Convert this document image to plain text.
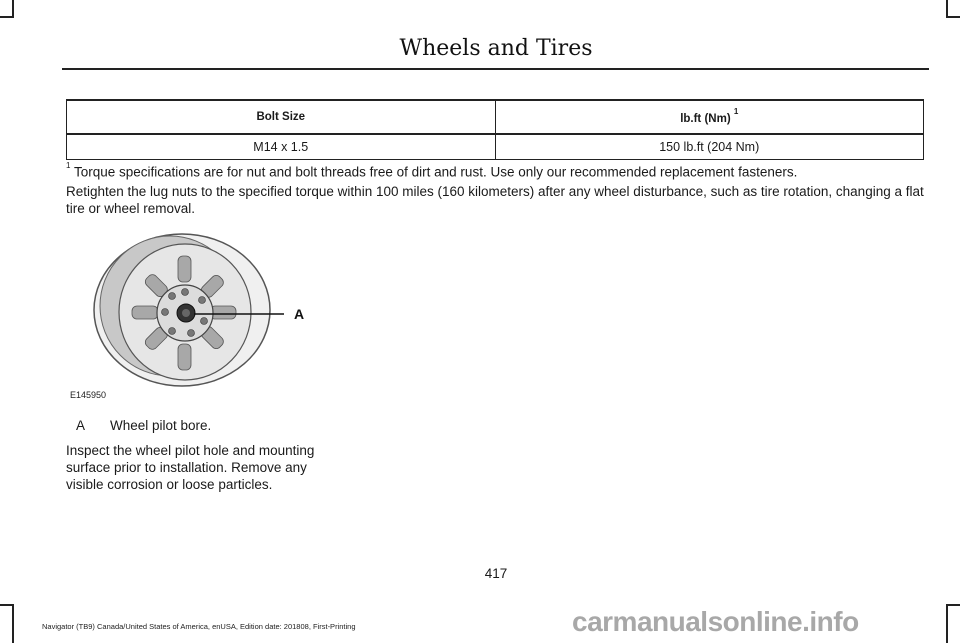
Wheels and Tires
Bolt Size	lb.ft (Nm) $^1$
M14 x 1.5	150 lb.ft (204 Nm)
$^1$ Torque specifications are for nut and bolt threads free of dirt and rust. Use only our recommended replacement fasteners.
Retighten the lug nuts to the specified torque within 100 miles (160 kilometers) after any wheel disturbance, such as tire rotation, changing a flat tire or wheel removal.
A
E145950
A Wheel pilot bore.
Inspect the wheel pilot hole and mounting surface prior to installation. Remove any visible corrosion or loose particles.
417
Navigator (TB9) Canada/United States of America, enUSA, Edition date: 201808, First-Printing	carmanualsonline.info
